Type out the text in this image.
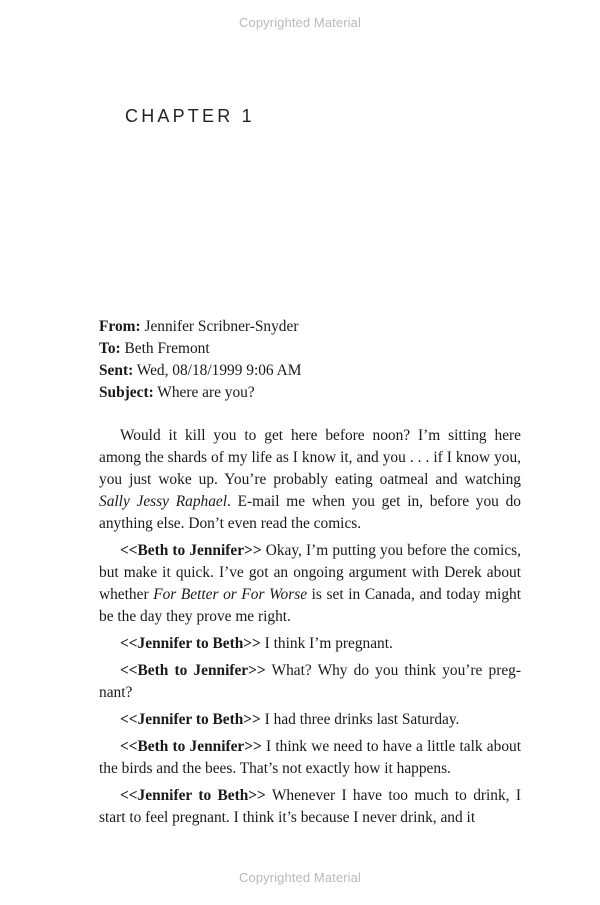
Copyrighted Material
CHAPTER 1
From: Jennifer Scribner-Snyder
To: Beth Fremont
Sent: Wed, 08/18/1999 9:06 AM
Subject: Where are you?

Would it kill you to get here before noon? I’m sitting here among the shards of my life as I know it, and you . . . if I know you, you just woke up. You’re probably eating oatmeal and watching Sally Jessy Raphael. E-mail me when you get in, before you do anything else. Don’t even read the comics.

<<Beth to Jennifer>> Okay, I’m putting you before the comics, but make it quick. I’ve got an ongoing argument with Derek about whether For Better or For Worse is set in Canada, and today might be the day they prove me right.

<<Jennifer to Beth>> I think I’m pregnant.

<<Beth to Jennifer>> What? Why do you think you’re preg-nant?

<<Jennifer to Beth>> I had three drinks last Saturday.

<<Beth to Jennifer>> I think we need to have a little talk about the birds and the bees. That’s not exactly how it happens.

<<Jennifer to Beth>> Whenever I have too much to drink, I start to feel pregnant. I think it’s because I never drink, and it

Copyrighted Material
